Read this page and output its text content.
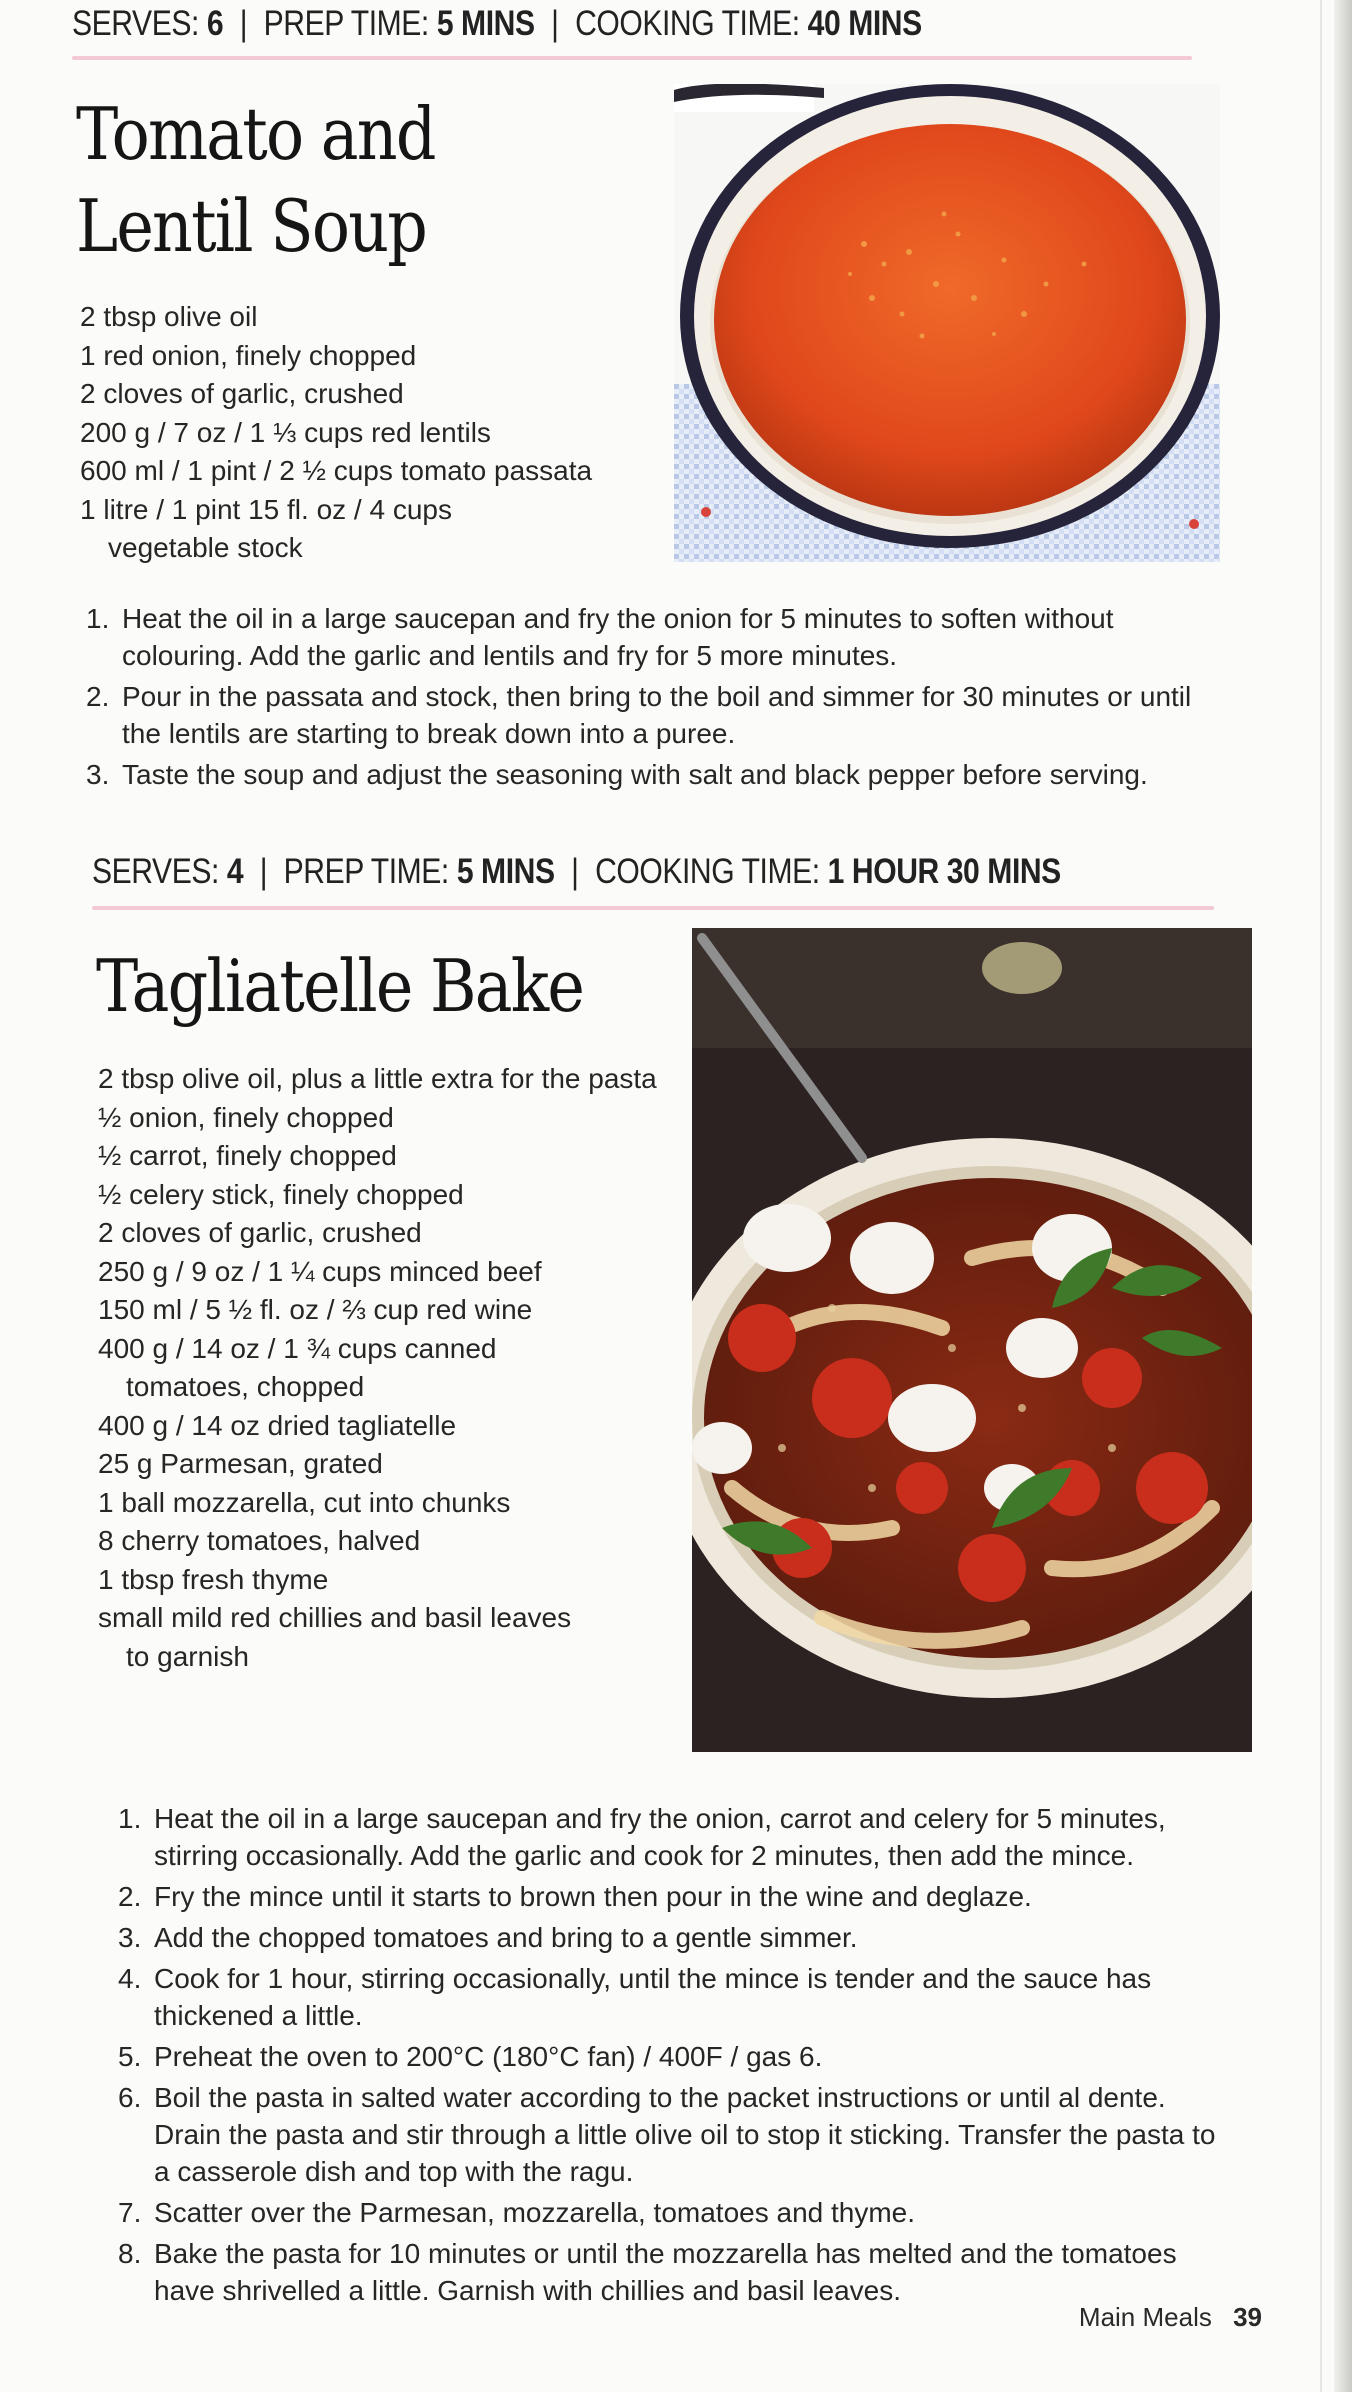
SERVES: 6 | PREP TIME: 5 MINS | COOKING TIME: 40 MINS
Tomato and
Lentil Soup
2 tbsp olive oil
1 red onion, finely chopped
2 cloves of garlic, crushed
200 g / 7 oz / 1 ⅓ cups red lentils
600 ml / 1 pint / 2 ½ cups tomato passata
1 litre / 1 pint 15 fl. oz / 4 cups
vegetable stock
1. Heat the oil in a large saucepan and fry the onion for 5 minutes to soften without colouring. Add the garlic and lentils and fry for 5 more minutes.
2. Pour in the passata and stock, then bring to the boil and simmer for 30 minutes or until the lentils are starting to break down into a puree.
3. Taste the soup and adjust the seasoning with salt and black pepper before serving.
SERVES: 4 | PREP TIME: 5 MINS | COOKING TIME: 1 HOUR 30 MINS
Tagliatelle Bake
2 tbsp olive oil, plus a little extra for the pasta
½ onion, finely chopped
½ carrot, finely chopped
½ celery stick, finely chopped
2 cloves of garlic, crushed
250 g / 9 oz / 1 ¼ cups minced beef
150 ml / 5 ½ fl. oz / ⅔ cup red wine
400 g / 14 oz / 1 ¾ cups canned
tomatoes, chopped
400 g / 14 oz dried tagliatelle
25 g Parmesan, grated
1 ball mozzarella, cut into chunks
8 cherry tomatoes, halved
1 tbsp fresh thyme
small mild red chillies and basil leaves
to garnish
1. Heat the oil in a large saucepan and fry the onion, carrot and celery for 5 minutes, stirring occasionally. Add the garlic and cook for 2 minutes, then add the mince.
2. Fry the mince until it starts to brown then pour in the wine and deglaze.
3. Add the chopped tomatoes and bring to a gentle simmer.
4. Cook for 1 hour, stirring occasionally, until the mince is tender and the sauce has thickened a little.
5. Preheat the oven to 200°C (180°C fan) / 400F / gas 6.
6. Boil the pasta in salted water according to the packet instructions or until al dente. Drain the pasta and stir through a little olive oil to stop it sticking. Transfer the pasta to a casserole dish and top with the ragu.
7. Scatter over the Parmesan, mozzarella, tomatoes and thyme.
8. Bake the pasta for 10 minutes or until the mozzarella has melted and the tomatoes have shrivelled a little. Garnish with chillies and basil leaves.
Main Meals 39
